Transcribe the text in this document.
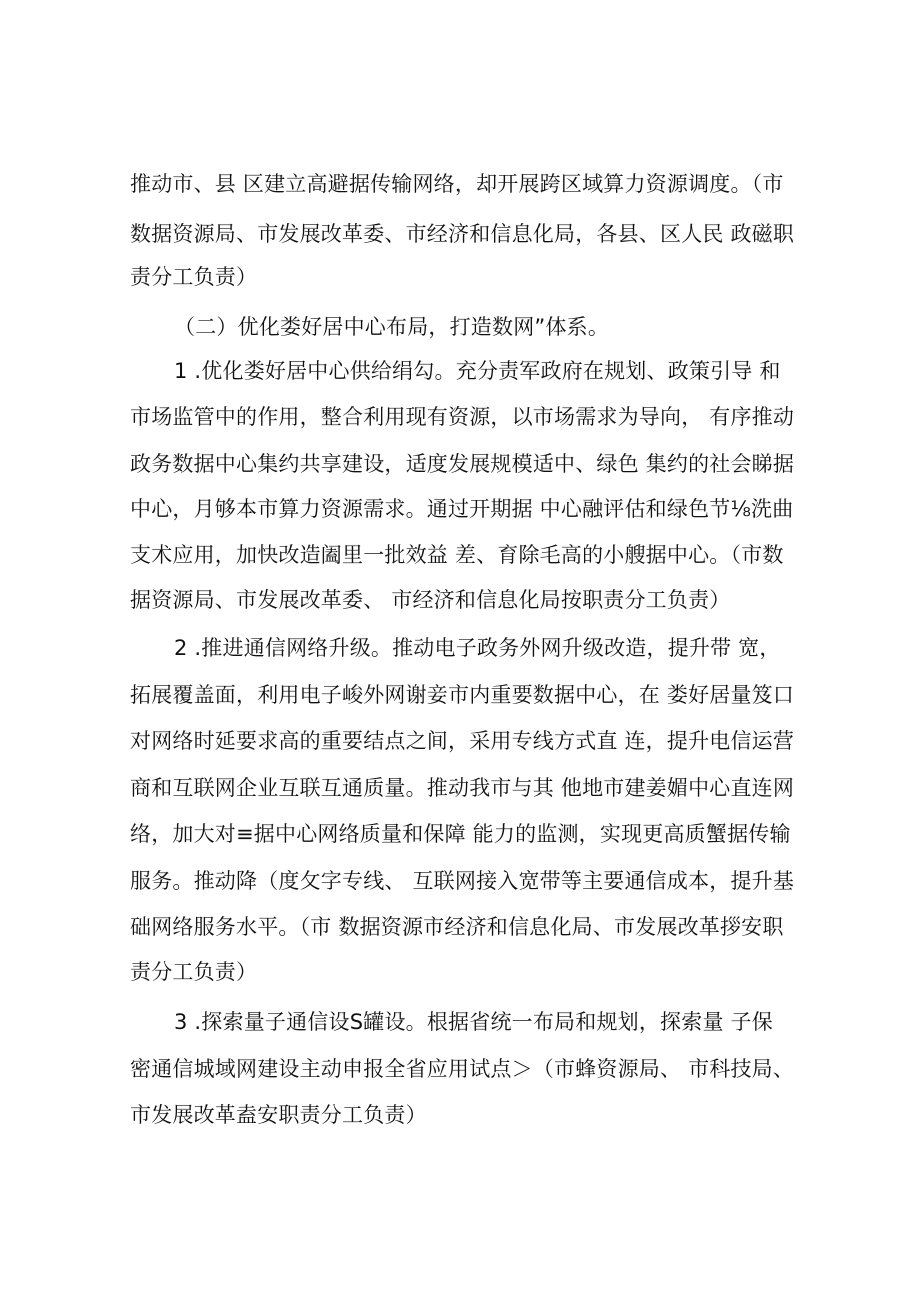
推动市、县 区建立高避据传输网络，却开展跨区域算力资源调度。（市
数据资源局、市发展改革委、市经济和信息化局，各县、区人民 政磁职
责分工负责）
（二）优化娄好居中心布局，打造数网”体系。
1 .优化娄好居中心供给绢勾。充分责军政府在规划、政策引导 和
市场监管中的作用，整合利用现有资源，以市场需求为导向， 有序推动
政务数据中心集约共享建设，适度发展规模适中、绿色 集约的社会睇据
中心，月够本市算力资源需求。通过开期据 中心融评估和绿色节⅛洗曲
支术应用，加快改造阖里一批效益 差、育除毛高的小艘据中心。（市数
据资源局、市发展改革委、 市经济和信息化局按职责分工负责）
2 .推进通信网络升级。推动电子政务外网升级改造，提升带 宽，
拓展覆盖面，利用电子峻外网谢妾市内重要数据中心，在 娄好居量笈口
对网络时延要求高的重要结点之间，采用专线方式直 连，提升电信运营
商和互联网企业互联互通质量。推动我市与其 他地市建姜媚中心直连网
络，加大对≡据中心网络质量和保障 能力的监测，实现更高质蟹据传输
服务。推动降（度攵字专线、 互联网接入宽带等主要通信成本，提升基
础网络服务水平。（市 数据资源市经济和信息化局、市发展改革拶安职
责分工负责）
3 .探索量子通信设S罐设。根据省统一布局和规划，探索量 子保
密通信城域网建设主动申报全省应用试点＞（市蜂资源局、 市科技局、
市发展改革盍安职责分工负责）
